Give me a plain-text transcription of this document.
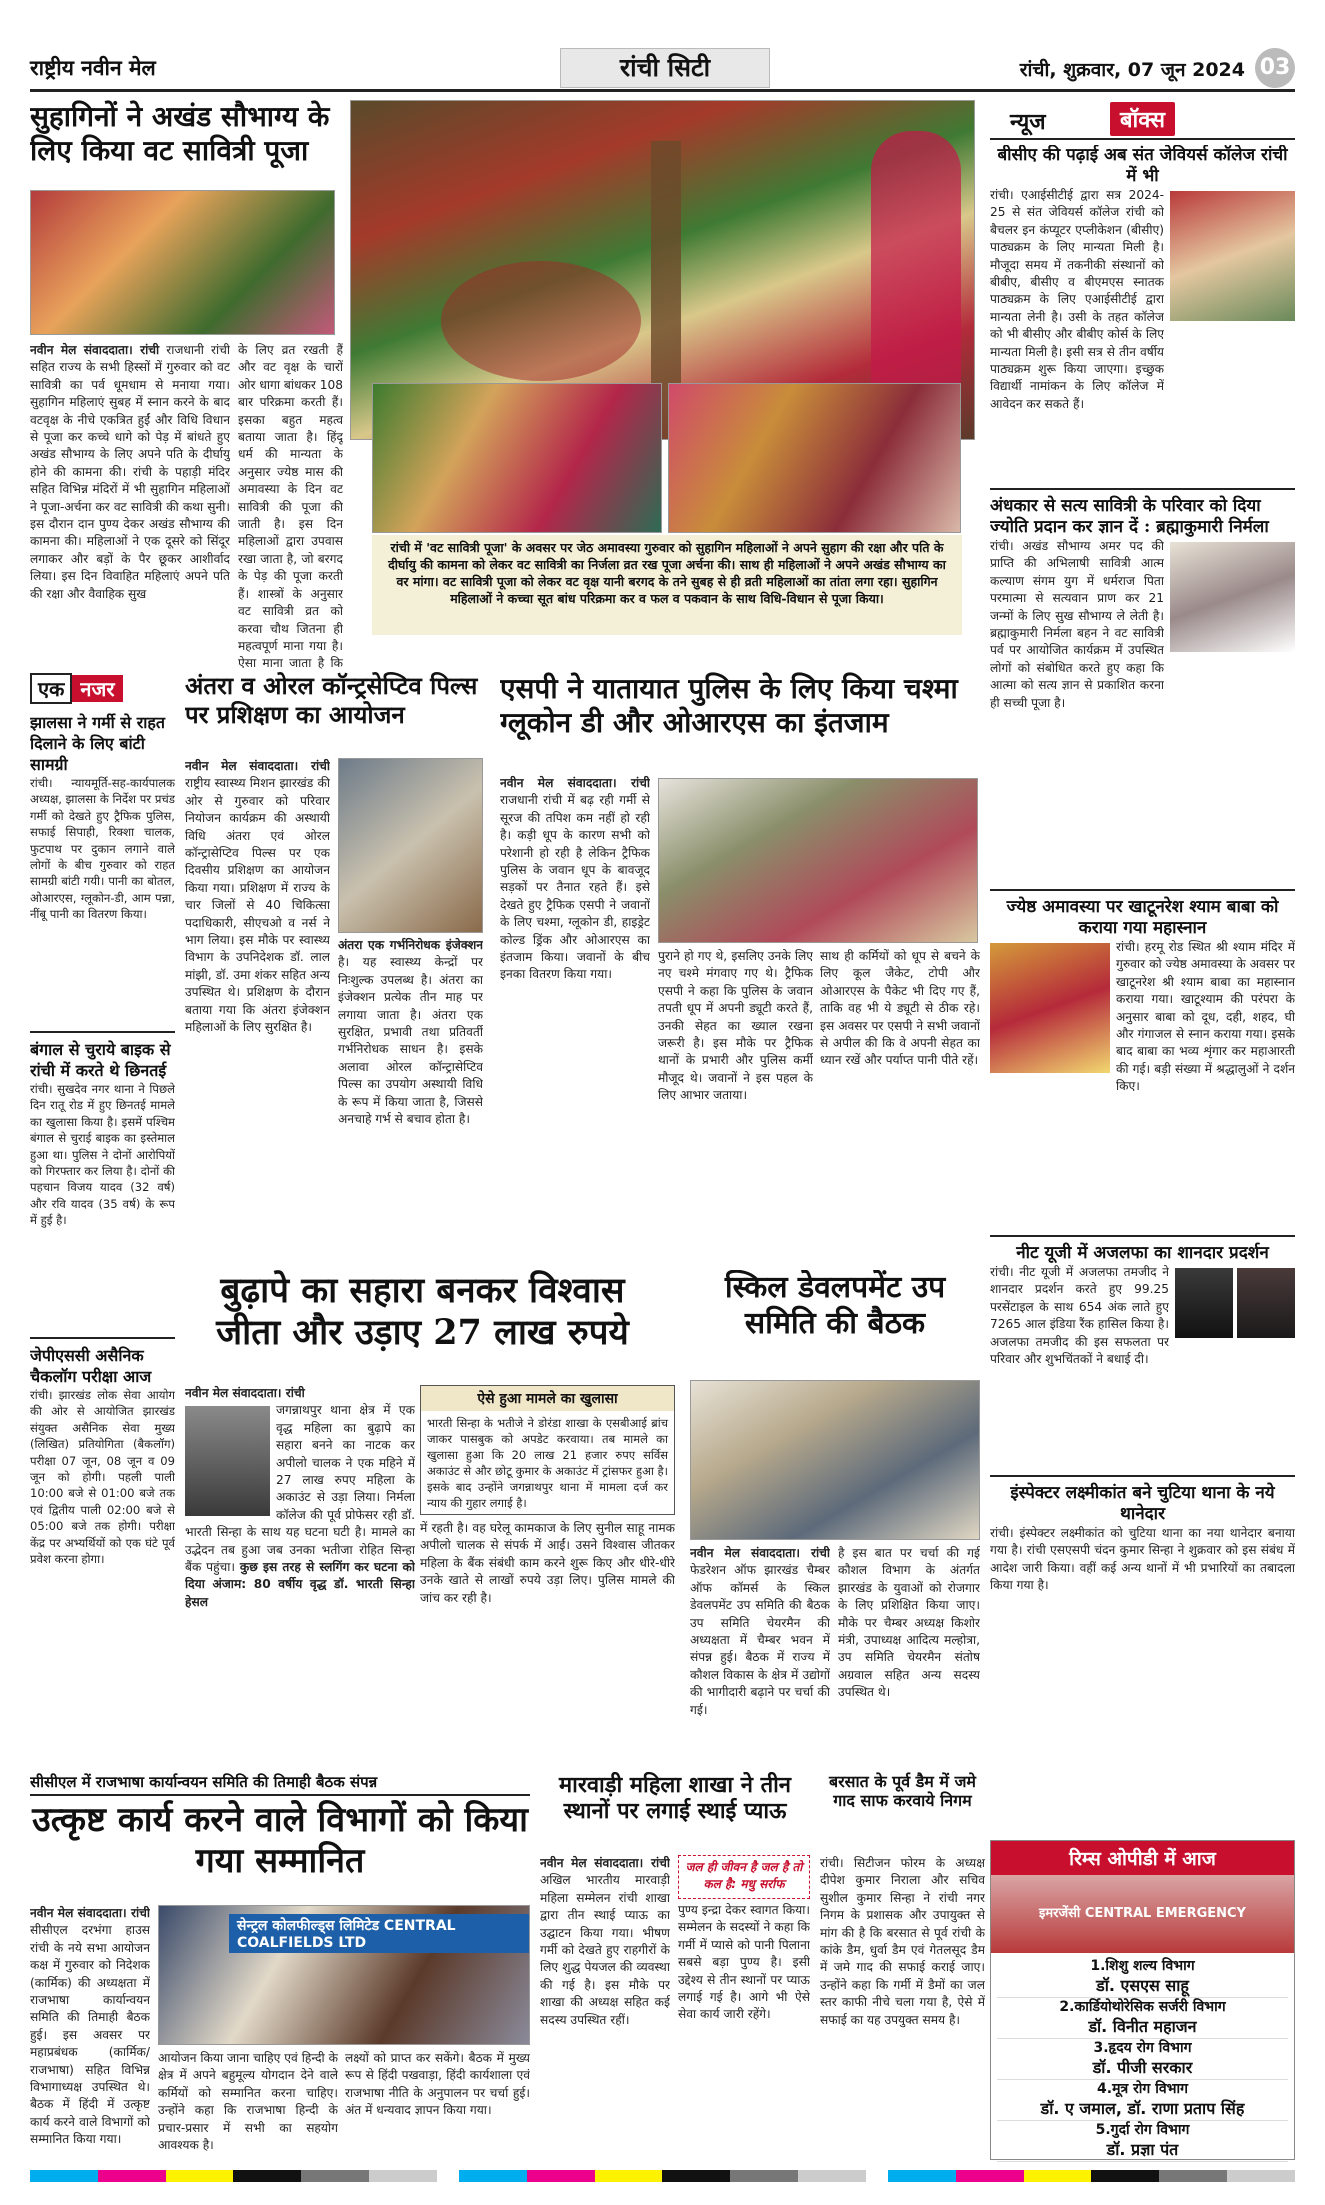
राष्ट्रीय नवीन मेल	रांची सिटी	रांची, शुक्रवार, 07 जून 2024 03
सुहागिनों ने अखंड सौभाग्य के लिए किया वट सावित्री पूजा
नवीन मेल संवाददाता। रांची राजधानी रांची सहित राज्य के सभी हिस्सों में गुरुवार को वट सावित्री का पर्व धूमधाम से मनाया गया। सुहागिन महिलाएं सुबह में स्नान करने के बाद वटवृक्ष के नीचे एकत्रित हुईं और विधि विधान से पूजा कर कच्चे धागे को पेड़ में बांधते हुए अखंड सौभाग्य के लिए अपने पति के दीर्घायु होने की कामना की। रांची के पहाड़ी मंदिर सहित विभिन्न मंदिरों में भी सुहागिन महिलाओं ने पूजा-अर्चना कर वट सावित्री की कथा सुनी। इस दौरान दान पुण्य देकर अखंड सौभाग्य की कामना की। महिलाओं ने एक दूसरे को सिंदूर लगाकर और बड़ों के पैर छूकर आशीर्वाद लिया। इस दिन विवाहित महिलाएं अपने पति की रक्षा और वैवाहिक सुख
के लिए व्रत रखती हैं और वट वृक्ष के चारों ओर धागा बांधकर 108 बार परिक्रमा करती हैं। इसका बहुत महत्व बताया जाता है। हिंदू धर्म की मान्यता के अनुसार ज्येष्ठ मास की अमावस्या के दिन वट सावित्री की पूजा की जाती है। इस दिन महिलाओं द्वारा उपवास रखा जाता है, जो बरगद के पेड़ की पूजा करती हैं। शास्त्रों के अनुसार वट सावित्री व्रत को करवा चौथ जितना ही महत्वपूर्ण माना गया है। ऐसा माना जाता है कि
रांची में 'वट सावित्री पूजा' के अवसर पर जेठ अमावस्या गुरुवार को सुहागिन महिलाओं ने अपने सुहाग की रक्षा और पति के दीर्घायु की कामना को लेकर वट सावित्री का निर्जला व्रत रख पूजा अर्चना की। साथ ही महिलाओं ने अपने अखंड सौभाग्य का वर मांगा। वट सावित्री पूजा को लेकर वट वृक्ष यानी बरगद के तने सुबह से ही व्रती महिलाओं का तांता लगा रहा। सुहागिन महिलाओं ने कच्चा सूत बांध परिक्रमा कर व फल व पकवान के साथ विधि-विधान से पूजा किया।
एक नजर
झालसा ने गर्मी से राहत दिलाने के लिए बांटी सामग्री
रांची। न्यायमूर्ति-सह-कार्यपालक अध्यक्ष, झालसा के निर्देश पर प्रचंड गर्मी को देखते हुए ट्रैफिक पुलिस, सफाई सिपाही, रिक्शा चालक, फुटपाथ पर दुकान लगाने वाले लोगों के बीच गुरुवार को राहत सामग्री बांटी गयी। पानी का बोतल, ओआरएस, ग्लूकोन-डी, आम पन्ना, नींबू पानी का वितरण किया।
बंगाल से चुराये बाइक से रांची में करते थे छिनतई
रांची। सुखदेव नगर थाना ने पिछले दिन रातू रोड में हुए छिनतई मामले का खुलासा किया है। इसमें पश्चिम बंगाल से चुराई बाइक का इस्तेमाल हुआ था। पुलिस ने दोनों आरोपियों को गिरफ्तार कर लिया है। दोनों की पहचान विजय यादव (32 वर्ष) और रवि यादव (35 वर्ष) के रूप में हुई है।
जेपीएससी असैनिक चैकलॉग परीक्षा आज
रांची। झारखंड लोक सेवा आयोग की ओर से आयोजित झारखंड संयुक्त असैनिक सेवा मुख्य (लिखित) प्रतियोगिता (बैकलॉग) परीक्षा 07 जून, 08 जून व 09 जून को होगी। पहली पाली 10:00 बजे से 01:00 बजे तक एवं द्वितीय पाली 02:00 बजे से 05:00 बजे तक होगी। परीक्षा केंद्र पर अभ्यर्थियों को एक घंटे पूर्व प्रवेश करना होगा।
अंतरा व ओरल कॉन्ट्रसेप्टिव पिल्स पर प्रशिक्षण का आयोजन
नवीन मेल संवाददाता। रांची राष्ट्रीय स्वास्थ्य मिशन झारखंड की ओर से गुरुवार को परिवार नियोजन कार्यक्रम की अस्थायी विधि अंतरा एवं ओरल कॉन्ट्रासेप्टिव पिल्स पर एक दिवसीय प्रशिक्षण का आयोजन किया गया। प्रशिक्षण में राज्य के चार जिलों से 40 चिकित्सा पदाधिकारी, सीएचओ व नर्स ने भाग लिया। इस मौके पर स्वास्थ्य विभाग के उपनिदेशक डॉ. लाल मांझी, डॉ. उमा शंकर सहित अन्य उपस्थित थे। प्रशिक्षण के दौरान बताया गया कि अंतरा इंजेक्शन महिलाओं के लिए सुरक्षित है।
अंतरा एक गर्भनिरोधक इंजेक्शन है। यह स्वास्थ्य केन्द्रों पर निःशुल्क उपलब्ध है। अंतरा का इंजेक्शन प्रत्येक तीन माह पर लगाया जाता है। अंतरा एक सुरक्षित, प्रभावी तथा प्रतिवर्ती गर्भनिरोधक साधन है। इसके अलावा ओरल कॉन्ट्रासेप्टिव पिल्स का उपयोग अस्थायी विधि के रूप में किया जाता है, जिससे अनचाहे गर्भ से बचाव होता है।
एसपी ने यातायात पुलिस के लिए किया चश्मा ग्लूकोन डी और ओआरएस का इंतजाम
नवीन मेल संवाददाता। रांची राजधानी रांची में बढ़ रही गर्मी से सूरज की तपिश कम नहीं हो रही है। कड़ी धूप के कारण सभी को परेशानी हो रही है लेकिन ट्रैफिक पुलिस के जवान धूप के बावजूद सड़कों पर तैनात रहते हैं। इसे देखते हुए ट्रैफिक एसपी ने जवानों के लिए चश्मा, ग्लूकोन डी, हाइड्रेट कोल्ड ड्रिंक और ओआरएस का इंतजाम किया। जवानों के बीच इनका वितरण किया गया।
पुराने हो गए थे, इसलिए उनके लिए नए चश्मे मंगवाए गए थे। ट्रैफिक एसपी ने कहा कि पुलिस के जवान तपती धूप में अपनी ड्यूटी करते हैं, उनकी सेहत का ख्याल रखना जरूरी है। इस मौके पर ट्रैफिक थानों के प्रभारी और पुलिस कर्मी मौजूद थे। जवानों ने इस पहल के लिए आभार जताया।
साथ ही कर्मियों को धूप से बचने के लिए कूल जैकेट, टोपी और ओआरएस के पैकेट भी दिए गए हैं, ताकि वह भी ये ड्यूटी से ठीक रहे। इस अवसर पर एसपी ने सभी जवानों से अपील की कि वे अपनी सेहत का ध्यान रखें और पर्याप्त पानी पीते रहें।
बुढ़ापे का सहारा बनकर विश्वास जीता और उड़ाए 27 लाख रुपये
नवीन मेल संवाददाता। रांची
जगन्नाथपुर थाना क्षेत्र में एक वृद्ध महिला का बुढ़ापे का सहारा बनने का नाटक कर अपीलो चालक ने एक महिने में 27 लाख रुपए महिला के अकाउंट से उड़ा लिया। निर्मला कॉलेज की पूर्व प्रोफेसर रही डॉ. भारती सिन्हा के साथ यह घटना घटी है। मामले का उद्भेदन तब हुआ जब उनका भतीजा रोहित सिन्हा बैंक पहुंचा। कुछ इस तरह से स्लगिंग कर घटना को दिया अंजाम: 80 वर्षीय वृद्ध डॉ. भारती सिन्हा हेसल
ऐसे हुआ मामले का खुलासा
भारती सिन्हा के भतीजे ने डोरंडा शाखा के एसबीआई ब्रांच जाकर पासबुक को अपडेट करवाया। तब मामले का खुलासा हुआ कि 20 लाख 21 हजार रुपए सर्विस अकाउंट से और छोटू कुमार के अकाउंट में ट्रांसफर हुआ है। इसके बाद उन्होंने जगन्नाथपुर थाना में मामला दर्ज कर न्याय की गुहार लगाई है।
में रहती है। वह घरेलू कामकाज के लिए सुनील साहू नामक अपीलो चालक से संपर्क में आईं। उसने विश्वास जीतकर महिला के बैंक संबंधी काम करने शुरू किए और धीरे-धीरे उनके खाते से लाखों रुपये उड़ा लिए। पुलिस मामले की जांच कर रही है।
स्किल डेवलपमेंट उप समिति की बैठक
नवीन मेल संवाददाता। रांची फेडरेशन ऑफ झारखंड चैम्बर ऑफ कॉमर्स के स्किल डेवलपमेंट उप समिति की बैठक उप समिति चेयरमैन की अध्यक्षता में चैम्बर भवन में संपन्न हुई। बैठक में राज्य में कौशल विकास के क्षेत्र में उद्योगों की भागीदारी बढ़ाने पर चर्चा की गई।
है इस बात पर चर्चा की गई कौशल विभाग के अंतर्गत झारखंड के युवाओं को रोजगार के लिए प्रशिक्षित किया जाए। मौके पर चैम्बर अध्यक्ष किशोर मंत्री, उपाध्यक्ष आदित्य मल्होत्रा, उप समिति चेयरमैन संतोष अग्रवाल सहित अन्य सदस्य उपस्थित थे।
सीसीएल में राजभाषा कार्यान्वयन समिति की तिमाही बैठक संपन्न
उत्कृष्ट कार्य करने वाले विभागों को किया गया सम्मानित
नवीन मेल संवाददाता। रांची सीसीएल दरभंगा हाउस रांची के नये सभा आयोजन कक्ष में गुरुवार को निदेशक (कार्मिक) की अध्यक्षता में राजभाषा कार्यान्वयन समिति की तिमाही बैठक हुई। इस अवसर पर महाप्रबंधक (कार्मिक/राजभाषा) सहित विभिन्न विभागाध्यक्ष उपस्थित थे। बैठक में हिंदी में उत्कृष्ट कार्य करने वाले विभागों को सम्मानित किया गया।
सेन्ट्रल कोलफील्ड्स लिमिटेड CENTRAL COALFIELDS LTD
आयोजन किया जाना चाहिए एवं हिन्दी के क्षेत्र में अपने बहुमूल्य योगदान देने वाले कर्मियों को सम्मानित करना चाहिए। उन्होंने कहा कि राजभाषा हिन्दी के प्रचार-प्रसार में सभी का सहयोग आवश्यक है।
लक्ष्यों को प्राप्त कर सकेंगे। बैठक में मुख्य रूप से हिंदी पखवाड़ा, हिंदी कार्यशाला एवं राजभाषा नीति के अनुपालन पर चर्चा हुई। अंत में धन्यवाद ज्ञापन किया गया।
मारवाड़ी महिला शाखा ने तीन स्थानों पर लगाई स्थाई प्याऊ
नवीन मेल संवाददाता। रांची अखिल भारतीय मारवाड़ी महिला सम्मेलन रांची शाखा द्वारा तीन स्थाई प्याऊ का उद्घाटन किया गया। भीषण गर्मी को देखते हुए राहगीरों के लिए शुद्ध पेयजल की व्यवस्था की गई है। इस मौके पर शाखा की अध्यक्ष सहित कई सदस्य उपस्थित रहीं।
जल ही जीवन है जल है तो कल है: मधु सर्राफ
पुण्य इन्द्रा देकर स्वागत किया। सम्मेलन के सदस्यों ने कहा कि गर्मी में प्यासे को पानी पिलाना सबसे बड़ा पुण्य है। इसी उद्देश्य से तीन स्थानों पर प्याऊ लगाई गई है। आगे भी ऐसे सेवा कार्य जारी रहेंगे।
बरसात के पूर्व डैम में जमे गाद साफ करवाये निगम
रांची। सिटीजन फोरम के अध्यक्ष दीपेश कुमार निराला और सचिव सुशील कुमार सिन्हा ने रांची नगर निगम के प्रशासक और उपायुक्त से मांग की है कि बरसात से पूर्व रांची के कांके डैम, धुर्वा डैम एवं गेतलसूद डैम में जमे गाद की सफाई कराई जाए। उन्होंने कहा कि गर्मी में डैमों का जल स्तर काफी नीचे चला गया है, ऐसे में सफाई का यह उपयुक्त समय है।
न्यूज	बॉक्स
बीसीए की पढ़ाई अब संत जेवियर्स कॉलेज रांची में भी
रांची। एआईसीटीई द्वारा सत्र 2024-25 से संत जेवियर्स कॉलेज रांची को बैचलर इन कंप्यूटर एप्लीकेशन (बीसीए) पाठ्यक्रम के लिए मान्यता मिली है। मौजूदा समय में तकनीकी संस्थानों को बीबीए, बीसीए व बीएमएस स्नातक पाठ्यक्रम के लिए एआईसीटीई द्वारा मान्यता लेनी है। उसी के तहत कॉलेज को भी बीसीए और बीबीए कोर्स के लिए मान्यता मिली है। इसी सत्र से तीन वर्षीय पाठ्यक्रम शुरू किया जाएगा। इच्छुक विद्यार्थी नामांकन के लिए कॉलेज में आवेदन कर सकते हैं।
अंधकार से सत्य सावित्री के परिवार को दिया ज्योति प्रदान कर ज्ञान दें : ब्रह्माकुमारी निर्मला
रांची। अखंड सौभाग्य अमर पद की प्राप्ति की अभिलाषी सावित्री आत्म कल्याण संगम युग में धर्मराज पिता परमात्मा से सत्यवान प्राण कर 21 जन्मों के लिए सुख सौभाग्य ले लेती है। ब्रह्माकुमारी निर्मला बहन ने वट सावित्री पर्व पर आयोजित कार्यक्रम में उपस्थित लोगों को संबोधित करते हुए कहा कि आत्मा को सत्य ज्ञान से प्रकाशित करना ही सच्ची पूजा है।
ज्येष्ठ अमावस्या पर खाटूनरेश श्याम बाबा को कराया गया महास्नान
रांची। हरमू रोड स्थित श्री श्याम मंदिर में गुरुवार को ज्येष्ठ अमावस्या के अवसर पर खाटूनरेश श्री श्याम बाबा का महास्नान कराया गया। खाटूश्याम की परंपरा के अनुसार बाबा को दूध, दही, शहद, घी और गंगाजल से स्नान कराया गया। इसके बाद बाबा का भव्य शृंगार कर महाआरती की गई। बड़ी संख्या में श्रद्धालुओं ने दर्शन किए।
नीट यूजी में अजलफा का शानदार प्रदर्शन
रांची। नीट यूजी में अजलफा तमजीद ने शानदार प्रदर्शन करते हुए 99.25 परसेंटाइल के साथ 654 अंक लाते हुए 7265 आल इंडिया रैंक हासिल किया है। अजलफा तमजीद की इस सफलता पर परिवार और शुभचिंतकों ने बधाई दी।
इंस्पेक्टर लक्ष्मीकांत बने चुटिया थाना के नये थानेदार
रांची। इंस्पेक्टर लक्ष्मीकांत को चुटिया थाना का नया थानेदार बनाया गया है। रांची एसएसपी चंदन कुमार सिन्हा ने शुक्रवार को इस संबंध में आदेश जारी किया। वहीं कई अन्य थानों में भी प्रभारियों का तबादला किया गया है।
रिम्स ओपीडी में आज
इमरजेंसी CENTRAL EMERGENCY
1.शिशु शल्य विभाग
डॉ. एसएस साहू
2.कार्डियोथोरेसिक सर्जरी विभाग
डॉ. विनीत महाजन
3.हृदय रोग विभाग
डॉ. पीजी सरकार
4.मूत्र रोग विभाग
डॉ. ए जमाल, डॉ. राणा प्रताप सिंह
5.गुर्दा रोग विभाग
डॉ. प्रज्ञा पंत
